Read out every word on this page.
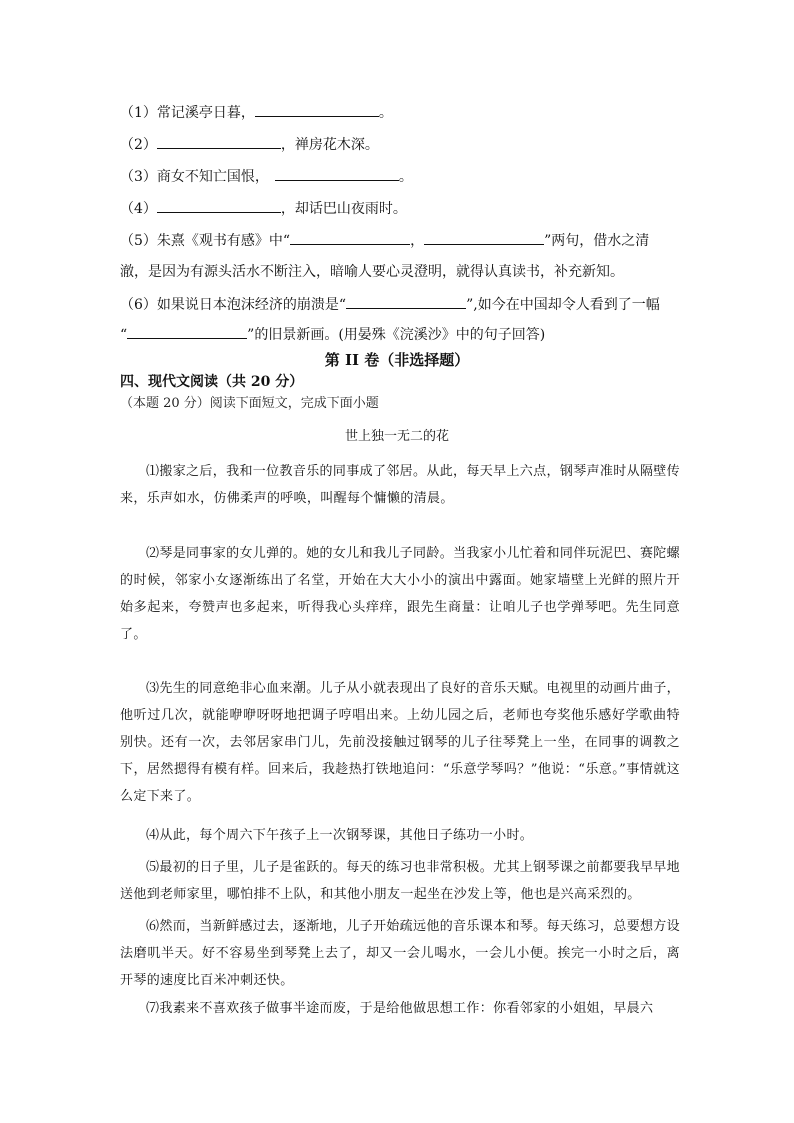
（1）常记溪亭日暮，	。
（2）	，禅房花木深。
（3）商女不知亡国恨，	。
（4）	，却话巴山夜雨时。
（5）朱熹《观书有感》中“	，	”两句，借水之清
澈，是因为有源头活水不断注入，暗喻人要心灵澄明，就得认真读书，补充新知。
（6）如果说日本泡沫经济的崩溃是“	”,如今在中国却令人看到了一幅
“	”的旧景新画。(用晏殊《浣溪沙》中的句子回答)
第 II 卷（非选择题）
四、现代文阅读（共 20 分）
（本题 20 分）阅读下面短文，完成下面小题
世上独一无二的花
⑴搬家之后，我和一位教音乐的同事成了邻居。从此，每天早上六点，钢琴声准时从隔壁传来，乐声如水，仿佛柔声的呼唤，叫醒每个慵懒的清晨。
⑵琴是同事家的女儿弹的。她的女儿和我儿子同龄。当我家小儿忙着和同伴玩泥巴、赛陀螺的时候，邻家小女逐渐练出了名堂，开始在大大小小的演出中露面。她家墙壁上光鲜的照片开始多起来，夸赞声也多起来，听得我心头痒痒，跟先生商量：让咱儿子也学弹琴吧。先生同意了。
⑶先生的同意绝非心血来潮。儿子从小就表现出了良好的音乐天赋。电视里的动画片曲子，他听过几次，就能咿咿呀呀地把调子哼唱出来。上幼儿园之后，老师也夸奖他乐感好学歌曲特别快。还有一次，去邻居家串门儿，先前没接触过钢琴的儿子往琴凳上一坐，在同事的调教之下，居然摁得有模有样。回来后，我趁热打铁地追问：“乐意学琴吗？”他说：“乐意。”事情就这么定下来了。
⑷从此，每个周六下午孩子上一次钢琴课，其他日子练功一小时。
⑸最初的日子里，儿子是雀跃的。每天的练习也非常积极。尤其上钢琴课之前都要我早早地送他到老师家里，哪怕排不上队，和其他小朋友一起坐在沙发上等，他也是兴高采烈的。
⑹然而，当新鲜感过去，逐渐地，儿子开始疏远他的音乐课本和琴。每天练习，总要想方设法磨叽半天。好不容易坐到琴凳上去了，却又一会儿喝水，一会儿小便。挨完一小时之后，离开琴的速度比百米冲刺还快。
⑺我素来不喜欢孩子做事半途而废，于是给他做思想工作：你看邻家的小姐姐，早晨六
